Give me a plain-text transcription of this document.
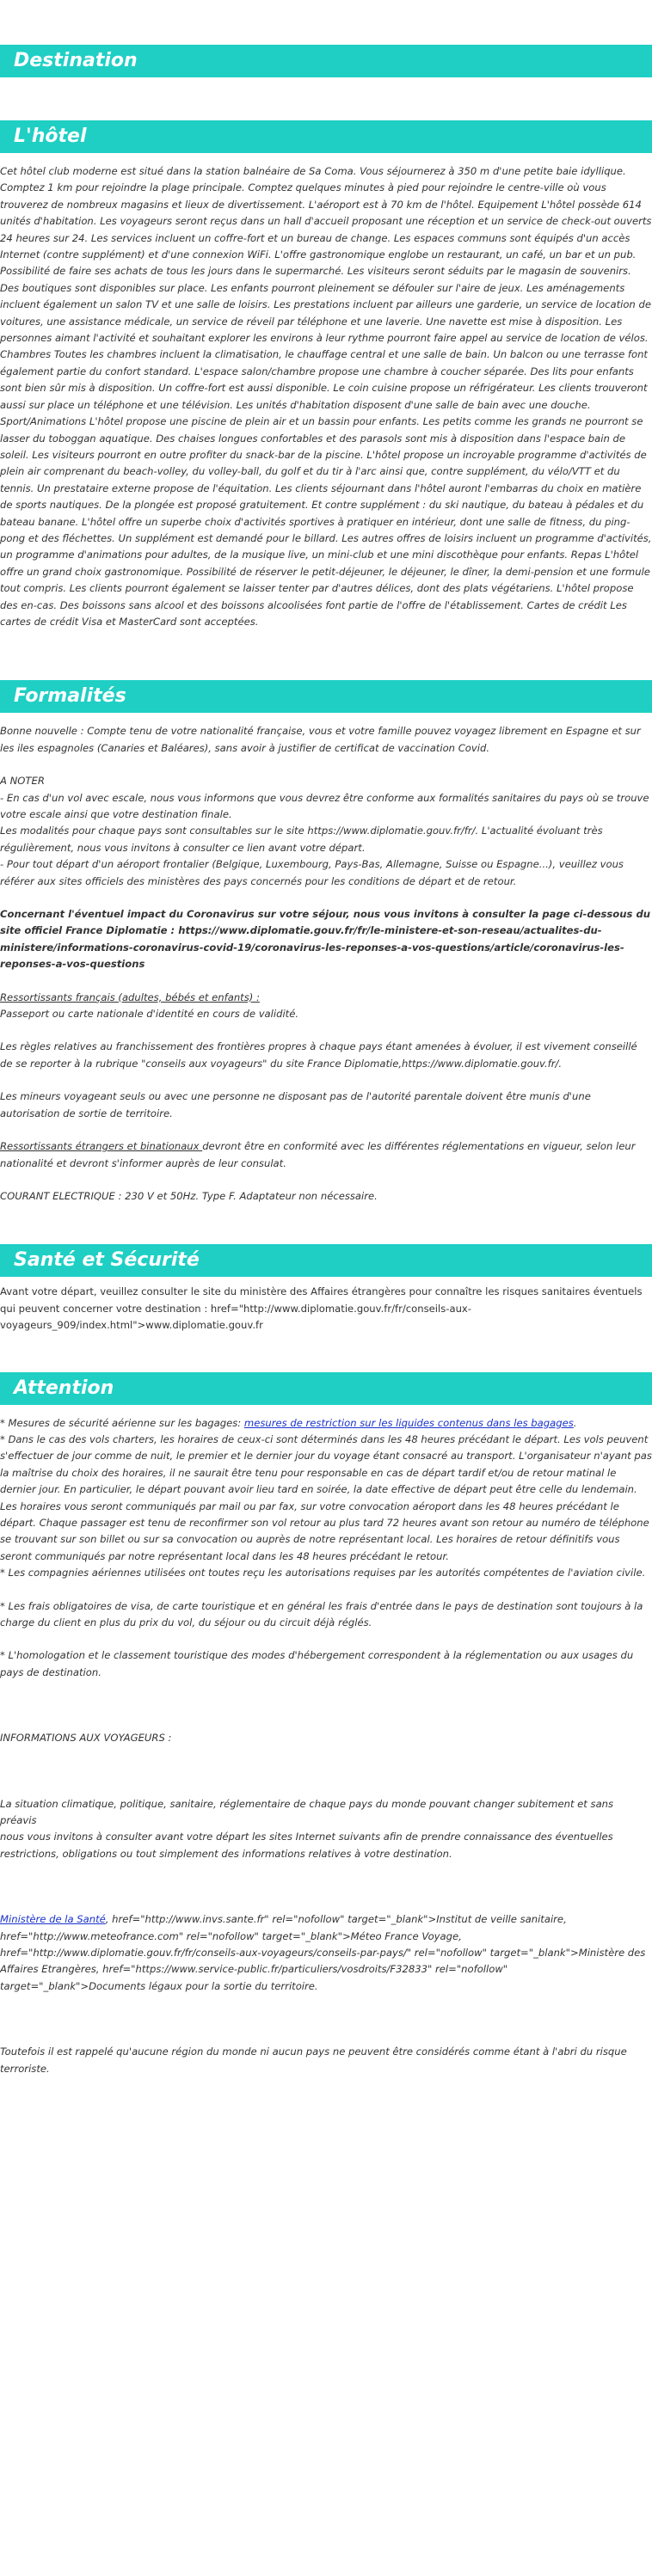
Destination
L'hôtel

Cet hôtel club moderne est situé dans la station balnéaire de Sa Coma. Vous séjournerez à 350 m d'une petite baie idyllique. Comptez 1 km pour rejoindre la plage principale. Comptez quelques minutes à pied pour rejoindre le centre-ville où vous trouverez de nombreux magasins et lieux de divertissement. L'aéroport est à 70 km de l'hôtel. Equipement L'hôtel possède 614 unités d'habitation. Les voyageurs seront reçus dans un hall d'accueil proposant une réception et un service de check-out ouverts 24 heures sur 24. Les services incluent un coffre-fort et un bureau de change. Les espaces communs sont équipés d'un accès Internet (contre supplément) et d'une connexion WiFi. L'offre gastronomique englobe un restaurant, un café, un bar et un pub. Possibilité de faire ses achats de tous les jours dans le supermarché. Les visiteurs seront séduits par le magasin de souvenirs. Des boutiques sont disponibles sur place. Les enfants pourront pleinement se défouler sur l'aire de jeux. Les aménagements incluent également un salon TV et une salle de loisirs. Les prestations incluent par ailleurs une garderie, un service de location de voitures, une assistance médicale, un service de réveil par téléphone et une laverie. Une navette est mise à disposition. Les personnes aimant l'activité et souhaitant explorer les environs à leur rythme pourront faire appel au service de location de vélos. Chambres Toutes les chambres incluent la climatisation, le chauffage central et une salle de bain. Un balcon ou une terrasse font également partie du confort standard. L'espace salon/chambre propose une chambre à coucher séparée. Des lits pour enfants sont bien sûr mis à disposition. Un coffre-fort est aussi disponible. Le coin cuisine propose un réfrigérateur. Les clients trouveront aussi sur place un téléphone et une télévision. Les unités d'habitation disposent d'une salle de bain avec une douche. Sport/Animations L'hôtel propose une piscine de plein air et un bassin pour enfants. Les petits comme les grands ne pourront se lasser du toboggan aquatique. Des chaises longues confortables et des parasols sont mis à disposition dans l'espace bain de soleil. Les visiteurs pourront en outre profiter du snack-bar de la piscine. L'hôtel propose un incroyable programme d'activités de plein air comprenant du beach-volley, du volley-ball, du golf et du tir à l'arc ainsi que, contre supplément, du vélo/VTT et du tennis. Un prestataire externe propose de l'équitation. Les clients séjournant dans l'hôtel auront l'embarras du choix en matière de sports nautiques. De la plongée est proposé gratuitement. Et contre supplément : du ski nautique, du bateau à pédales et du bateau banane. L'hôtel offre un superbe choix d'activités sportives à pratiquer en intérieur, dont une salle de fitness, du ping-pong et des fléchettes. Un supplément est demandé pour le billard. Les autres offres de loisirs incluent un programme d'activités, un programme d'animations pour adultes, de la musique live, un mini-club et une mini discothèque pour enfants. Repas L'hôtel offre un grand choix gastronomique. Possibilité de réserver le petit-déjeuner, le déjeuner, le dîner, la demi-pension et une formule tout compris. Les clients pourront également se laisser tenter par d'autres délices, dont des plats végétariens. L'hôtel propose des en-cas. Des boissons sans alcool et des boissons alcoolisées font partie de l'offre de l'établissement. Cartes de crédit Les cartes de crédit Visa et MasterCard sont acceptées.

Formalités

Bonne nouvelle : Compte tenu de votre nationalité française, vous et votre famille pouvez voyagez librement en Espagne et sur les iles espagnoles (Canaries et Baléares), sans avoir à justifier de certificat de vaccination Covid.

A NOTER

- En cas d'un vol avec escale, nous vous informons que vous devrez être conforme aux formalités sanitaires du pays où se trouve votre escale ainsi que votre destination finale.

Les modalités pour chaque pays sont consultables sur le site https://www.diplomatie.gouv.fr/fr/. L'actualité évoluant très régulièrement, nous vous invitons à consulter ce lien avant votre départ.

- Pour tout départ d'un aéroport frontalier (Belgique, Luxembourg, Pays-Bas, Allemagne, Suisse ou Espagne...), veuillez vous référer aux sites officiels des ministères des pays concernés pour les conditions de départ et de retour.

Concernant l'éventuel impact du Coronavirus sur votre séjour, nous vous invitons à consulter la page ci-dessous du site officiel France Diplomatie : https://www.diplomatie.gouv.fr/fr/le-ministere-et-son-reseau/actualites-du-ministere/informations-coronavirus-covid-19/coronavirus-les-reponses-a-vos-questions/article/coronavirus-les-reponses-a-vos-questions

Ressortissants français (adultes, bébés et enfants) :

Passeport ou carte nationale d'identité en cours de validité.

Les règles relatives au franchissement des frontières propres à chaque pays étant amenées à évoluer, il est vivement conseillé de se reporter à la rubrique "conseils aux voyageurs" du site France Diplomatie,https://www.diplomatie.gouv.fr/.

Les mineurs voyageant seuls ou avec une personne ne disposant pas de l'autorité parentale doivent être munis d'une autorisation de sortie de territoire.

Ressortissants étrangers et binationaux devront être en conformité avec les différentes réglementations en vigueur, selon leur nationalité et devront s'informer auprès de leur consulat.

COURANT ELECTRIQUE : 230 V et 50Hz. Type F. Adaptateur non nécessaire.

Santé et Sécurité

Avant votre départ, veuillez consulter le site du ministère des Affaires étrangères pour connaître les risques sanitaires éventuels qui peuvent concerner votre destination : href="http://www.diplomatie.gouv.fr/fr/conseils-aux-voyageurs_909/index.html">www.diplomatie.gouv.fr

Attention

* Mesures de sécurité aérienne sur les bagages: mesures de restriction sur les liquides contenus dans les bagages.

* Dans le cas des vols charters, les horaires de ceux-ci sont déterminés dans les 48 heures précédant le départ. Les vols peuvent s'effectuer de jour comme de nuit, le premier et le dernier jour du voyage étant consacré au transport. L'organisateur n'ayant pas la maîtrise du choix des horaires, il ne saurait être tenu pour responsable en cas de départ tardif et/ou de retour matinal le dernier jour. En particulier, le départ pouvant avoir lieu tard en soirée, la date effective de départ peut être celle du lendemain. Les horaires vous seront communiqués par mail ou par fax, sur votre convocation aéroport dans les 48 heures précédant le départ. Chaque passager est tenu de reconfirmer son vol retour au plus tard 72 heures avant son retour au numéro de téléphone se trouvant sur son billet ou sur sa convocation ou auprès de notre représentant local. Les horaires de retour définitifs vous seront communiqués par notre représentant local dans les 48 heures précédant le retour.

* Les compagnies aériennes utilisées ont toutes reçu les autorisations requises par les autorités compétentes de l'aviation civile.

* Les frais obligatoires de visa, de carte touristique et en général les frais d'entrée dans le pays de destination sont toujours à la charge du client en plus du prix du vol, du séjour ou du circuit déjà réglés.

* L'homologation et le classement touristique des modes d'hébergement correspondent à la réglementation ou aux usages du pays de destination.

INFORMATIONS AUX VOYAGEURS :

La situation climatique, politique, sanitaire, réglementaire de chaque pays du monde pouvant changer subitement et sans préavis

nous vous invitons à consulter avant votre départ les sites Internet suivants afin de prendre connaissance des éventuelles restrictions, obligations ou tout simplement des informations relatives à votre destination.

Ministère de la Santé, href="http://www.invs.sante.fr" rel="nofollow" target="_blank">Institut de veille sanitaire, href="http://www.meteofrance.com" rel="nofollow" target="_blank">Méteo France Voyage, href="http://www.diplomatie.gouv.fr/fr/conseils-aux-voyageurs/conseils-par-pays/" rel="nofollow" target="_blank">Ministère des Affaires Etrangères, href="https://www.service-public.fr/particuliers/vosdroits/F32833" rel="nofollow" target="_blank">Documents légaux pour la sortie du territoire.

Toutefois il est rappelé qu'aucune région du monde ni aucun pays ne peuvent être considérés comme étant à l'abri du risque terroriste.
